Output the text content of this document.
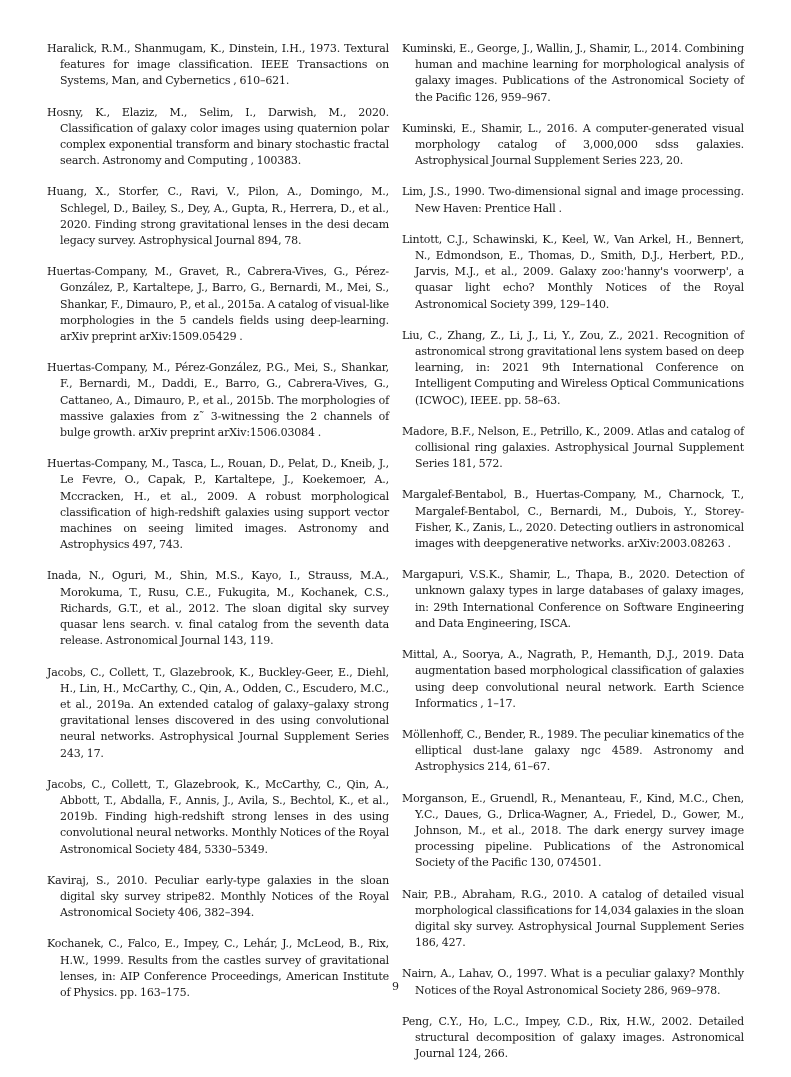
Haralick, R.M., Shanmugam, K., Dinstein, I.H., 1973. Textural features for image classification. IEEE Transactions on Systems, Man, and Cybernetics , 610–621.

Hosny, K., Elaziz, M., Selim, I., Darwish, M., 2020. Classification of galaxy color images using quaternion polar complex exponential transform and binary stochastic fractal search. Astronomy and Computing , 100383.

Huang, X., Storfer, C., Ravi, V., Pilon, A., Domingo, M., Schlegel, D., Bailey, S., Dey, A., Gupta, R., Herrera, D., et al., 2020. Finding strong gravitational lenses in the desi decam legacy survey. Astrophysical Journal 894, 78.

Huertas-Company, M., Gravet, R., Cabrera-Vives, G., Pérez-González, P., Kartaltepe, J., Barro, G., Bernardi, M., Mei, S., Shankar, F., Dimauro, P., et al., 2015a. A catalog of visual-like morphologies in the 5 candels fields using deep-learning. arXiv preprint arXiv:1509.05429 .

Huertas-Company, M., Pérez-González, P.G., Mei, S., Shankar, F., Bernardi, M., Daddi, E., Barro, G., Cabrera-Vives, G., Cattaneo, A., Dimauro, P., et al., 2015b. The morphologies of massive galaxies from z˜ 3-witnessing the 2 channels of bulge growth. arXiv preprint arXiv:1506.03084 .

Huertas-Company, M., Tasca, L., Rouan, D., Pelat, D., Kneib, J., Le Fevre, O., Capak, P., Kartaltepe, J., Koekemoer, A., Mccracken, H., et al., 2009. A robust morphological classification of high-redshift galaxies using support vector machines on seeing limited images. Astronomy and Astrophysics 497, 743.

Inada, N., Oguri, M., Shin, M.S., Kayo, I., Strauss, M.A., Morokuma, T., Rusu, C.E., Fukugita, M., Kochanek, C.S., Richards, G.T., et al., 2012. The sloan digital sky survey quasar lens search. v. final catalog from the seventh data release. Astronomical Journal 143, 119.

Jacobs, C., Collett, T., Glazebrook, K., Buckley-Geer, E., Diehl, H., Lin, H., McCarthy, C., Qin, A., Odden, C., Escudero, M.C., et al., 2019a. An extended catalog of galaxy–galaxy strong gravitational lenses discovered in des using convolutional neural networks. Astrophysical Journal Supplement Series 243, 17.

Jacobs, C., Collett, T., Glazebrook, K., McCarthy, C., Qin, A., Abbott, T., Abdalla, F., Annis, J., Avila, S., Bechtol, K., et al., 2019b. Finding high-redshift strong lenses in des using convolutional neural networks. Monthly Notices of the Royal Astronomical Society 484, 5330–5349.

Kaviraj, S., 2010. Peculiar early-type galaxies in the sloan digital sky survey stripe82. Monthly Notices of the Royal Astronomical Society 406, 382–394.

Kochanek, C., Falco, E., Impey, C., Lehár, J., McLeod, B., Rix, H.W., 1999. Results from the castles survey of gravitational lenses, in: AIP Conference Proceedings, American Institute of Physics. pp. 163–175.

Kuminski, E., George, J., Wallin, J., Shamir, L., 2014. Combining human and machine learning for morphological analysis of galaxy images. Publications of the Astronomical Society of the Pacific 126, 959–967.

Kuminski, E., Shamir, L., 2016. A computer-generated visual morphology catalog of 3,000,000 sdss galaxies. Astrophysical Journal Supplement Series 223, 20.

Lim, J.S., 1990. Two-dimensional signal and image processing. New Haven: Prentice Hall .

Lintott, C.J., Schawinski, K., Keel, W., Van Arkel, H., Bennert, N., Edmondson, E., Thomas, D., Smith, D.J., Herbert, P.D., Jarvis, M.J., et al., 2009. Galaxy zoo:'hanny's voorwerp', a quasar light echo? Monthly Notices of the Royal Astronomical Society 399, 129–140.

Liu, C., Zhang, Z., Li, J., Li, Y., Zou, Z., 2021. Recognition of astronomical strong gravitational lens system based on deep learning, in: 2021 9th International Conference on Intelligent Computing and Wireless Optical Communications (ICWOC), IEEE. pp. 58–63.

Madore, B.F., Nelson, E., Petrillo, K., 2009. Atlas and catalog of collisional ring galaxies. Astrophysical Journal Supplement Series 181, 572.

Margalef-Bentabol, B., Huertas-Company, M., Charnock, T., Margalef-Bentabol, C., Bernardi, M., Dubois, Y., Storey-Fisher, K., Zanis, L., 2020. Detecting outliers in astronomical images with deepgenerative networks. arXiv:2003.08263 .

Margapuri, V.S.K., Shamir, L., Thapa, B., 2020. Detection of unknown galaxy types in large databases of galaxy images, in: 29th International Conference on Software Engineering and Data Engineering, ISCA.

Mittal, A., Soorya, A., Nagrath, P., Hemanth, D.J., 2019. Data augmentation based morphological classification of galaxies using deep convolutional neural network. Earth Science Informatics , 1–17.

Möllenhoff, C., Bender, R., 1989. The peculiar kinematics of the elliptical dust-lane galaxy ngc 4589. Astronomy and Astrophysics 214, 61–67.

Morganson, E., Gruendl, R., Menanteau, F., Kind, M.C., Chen, Y.C., Daues, G., Drlica-Wagner, A., Friedel, D., Gower, M., Johnson, M., et al., 2018. The dark energy survey image processing pipeline. Publications of the Astronomical Society of the Pacific 130, 074501.

Nair, P.B., Abraham, R.G., 2010. A catalog of detailed visual morphological classifications for 14,034 galaxies in the sloan digital sky survey. Astrophysical Journal Supplement Series 186, 427.

Nairn, A., Lahav, O., 1997. What is a peculiar galaxy? Monthly Notices of the Royal Astronomical Society 286, 969–978.

Peng, C.Y., Ho, L.C., Impey, C.D., Rix, H.W., 2002. Detailed structural decomposition of galaxy images. Astronomical Journal 124, 266.

9
